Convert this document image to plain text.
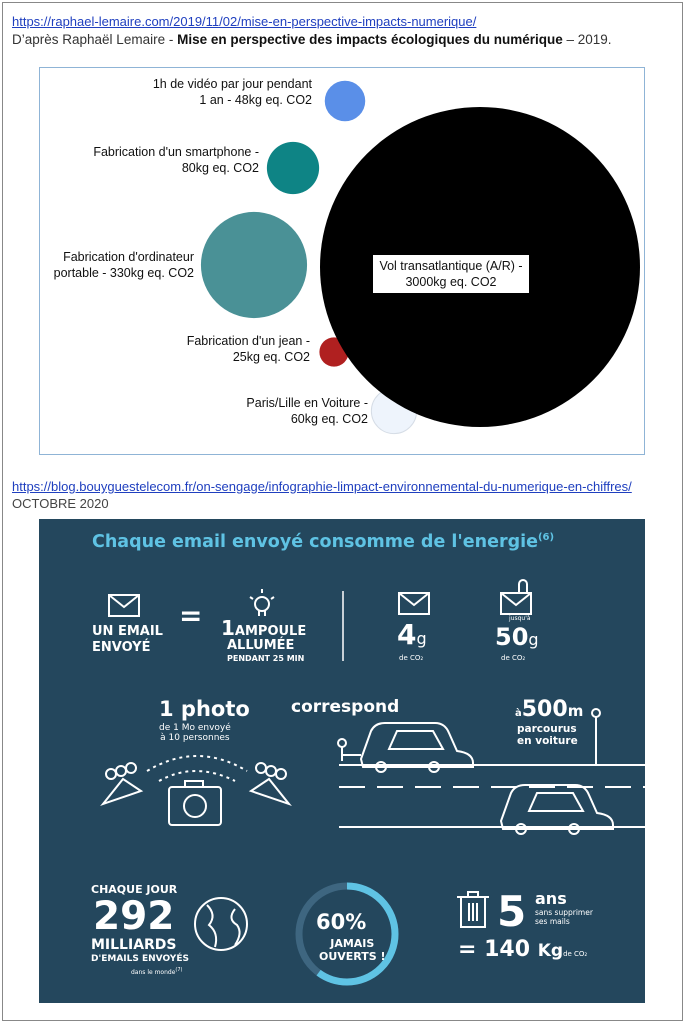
https://raphael-lemaire.com/2019/11/02/mise-en-perspective-impacts-numerique/
D’après Raphaël Lemaire - Mise en perspective des impacts écologiques du numérique – 2019.
1h de vidéo par jour pendant 1 an - 48kg eq. CO2
Fabrication d'un smartphone -80kg eq. CO2
Fabrication d'ordinateur portable - 330kg eq. CO2
Fabrication d'un jean -25kg eq. CO2
Paris/Lille en Voiture -60kg eq. CO2
Vol transatlantique (A/R) -3000kg eq. CO2
https://blog.bouyguestelecom.fr/on-sengage/infographie-limpact-environnemental-du-numerique-en-chiffres/
OCTOBRE 2020
Chaque email envoyé consomme de l'energie$^{(6)}$
UN EMAIL
ENVOYÉ
= 1AMPOULE
ALLUMÉE
PENDANT 25 MIN
4g
de CO₂
jusqu'à
50g
de CO₂
1 photo
de 1 Mo envoyé
à 10 personnes
correspond	à500m
parcourus
en voiture
CHAQUE JOUR
292
MILLIARDS
D'EMAILS ENVOYÉS
dans le monde$^{(7)}$
60%
JAMAIS
OUVERTS !
5 ans
sans supprimer
ses mails
= 140 Kgde CO₂
